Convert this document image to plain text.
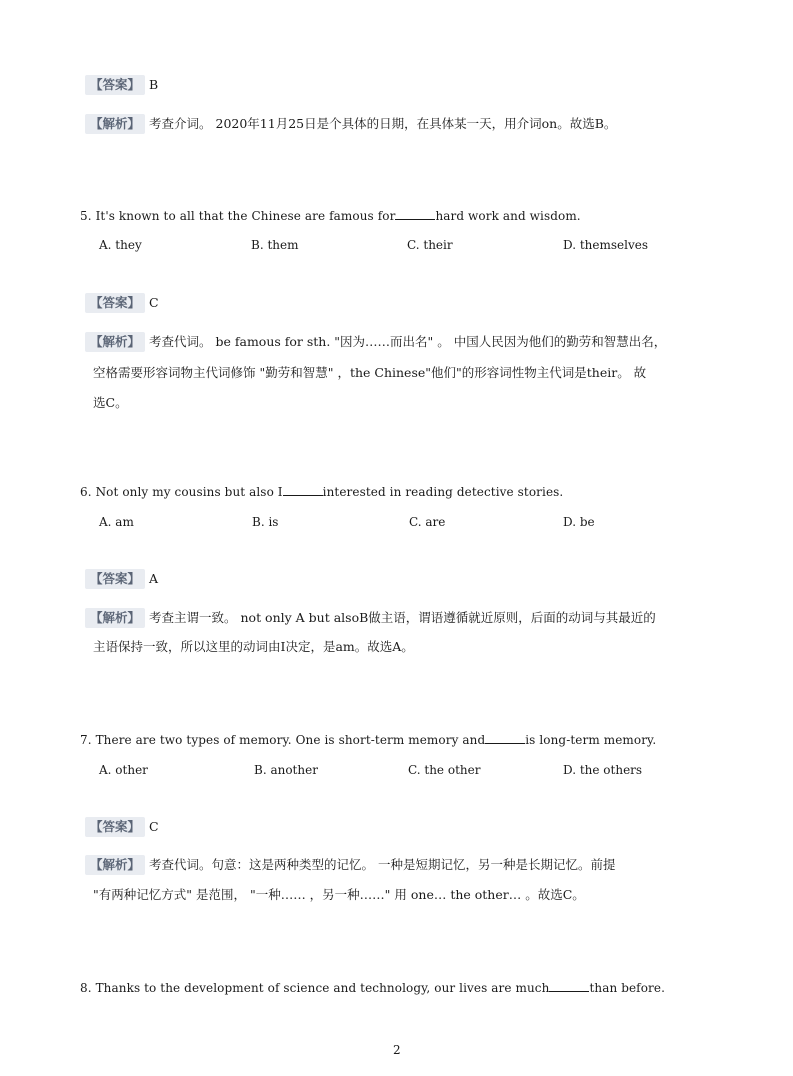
【答案】 B
【解析】 考查介词。 2020年11月25日是个具体的日期，在具体某一天，用介词on。故选B。
5. It's known to all that the Chinese are famous for	hard work and wisdom.
A. they	B. them	C. their	D. themselves
【答案】 C
【解析】 考查代词。 be famous for sth. "因为……而出名" 。 中国人民因为他们的勤劳和智慧出名，
空格需要形容词物主代词修饰 "勤劳和智慧" ，the Chinese"他们"的形容词性物主代词是their。 故
选C。
6. Not only my cousins but also I	interested in reading detective stories.
A. am	B. is	C. are	D. be
【答案】 A
【解析】 考查主谓一致。 not only A but alsoB做主语，谓语遵循就近原则，后面的动词与其最近的
主语保持一致，所以这里的动词由I决定，是am。故选A。
7. There are two types of memory. One is short-term memory and	is long-term memory.
A. other	B. another	C. the other	D. the others
【答案】 C
【解析】 考查代词。句意：这是两种类型的记忆。 一种是短期记忆，另一种是长期记忆。前提
"有两种记忆方式" 是范围， "一种…… ，另一种……" 用 one… the other… 。故选C。
8. Thanks to the development of science and technology, our lives are much	than before.
2
